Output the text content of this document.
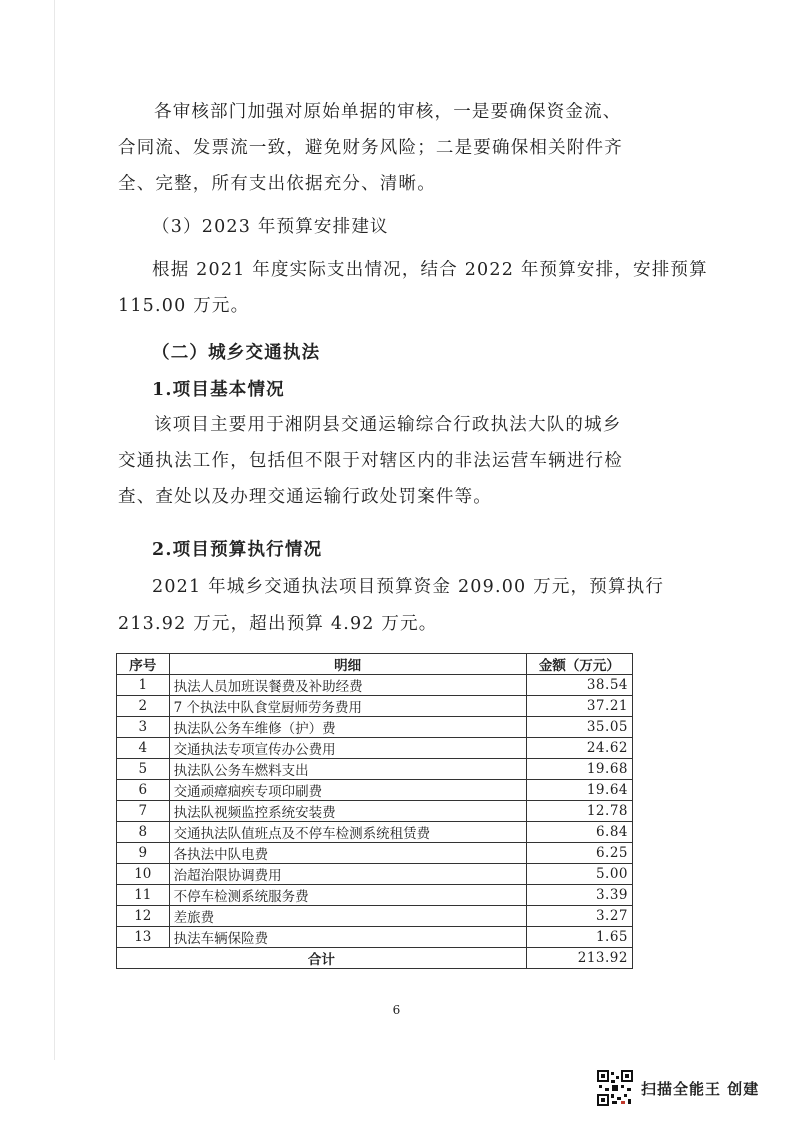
各审核部门加强对原始单据的审核，一是要确保资金流、合同流、发票流一致，避免财务风险；二是要确保相关附件齐全、完整，所有支出依据充分、清晰。

（3）2023 年预算安排建议
根据 2021 年度实际支出情况，结合 2022 年预算安排，安排预算
115.00 万元。
（二）城乡交通执法
1.项目基本情况

该项目主要用于湘阴县交通运输综合行政执法大队的城乡交通执法工作，包括但不限于对辖区内的非法运营车辆进行检查、查处以及办理交通运输行政处罚案件等。

2.项目预算执行情况
2021 年城乡交通执法项目预算资金 209.00 万元，预算执行
213.92 万元，超出预算 4.92 万元。
序号	明细	金额（万元）
1	执法人员加班误餐费及补助经费	38.54
2	7 个执法中队食堂厨师劳务费用	37.21
3	执法队公务车维修（护）费	35.05
4	交通执法专项宣传办公费用	24.62
5	执法队公务车燃料支出	19.68
6	交通顽瘴痼疾专项印刷费	19.64
7	执法队视频监控系统安装费	12.78
8	交通执法队值班点及不停车检测系统租赁费	6.84
9	各执法中队电费	6.25
10	治超治限协调费用	5.00
11	不停车检测系统服务费	3.39
12	差旅费	3.27
13	执法车辆保险费	1.65
合计		213.92
6
扫描全能王 创建
